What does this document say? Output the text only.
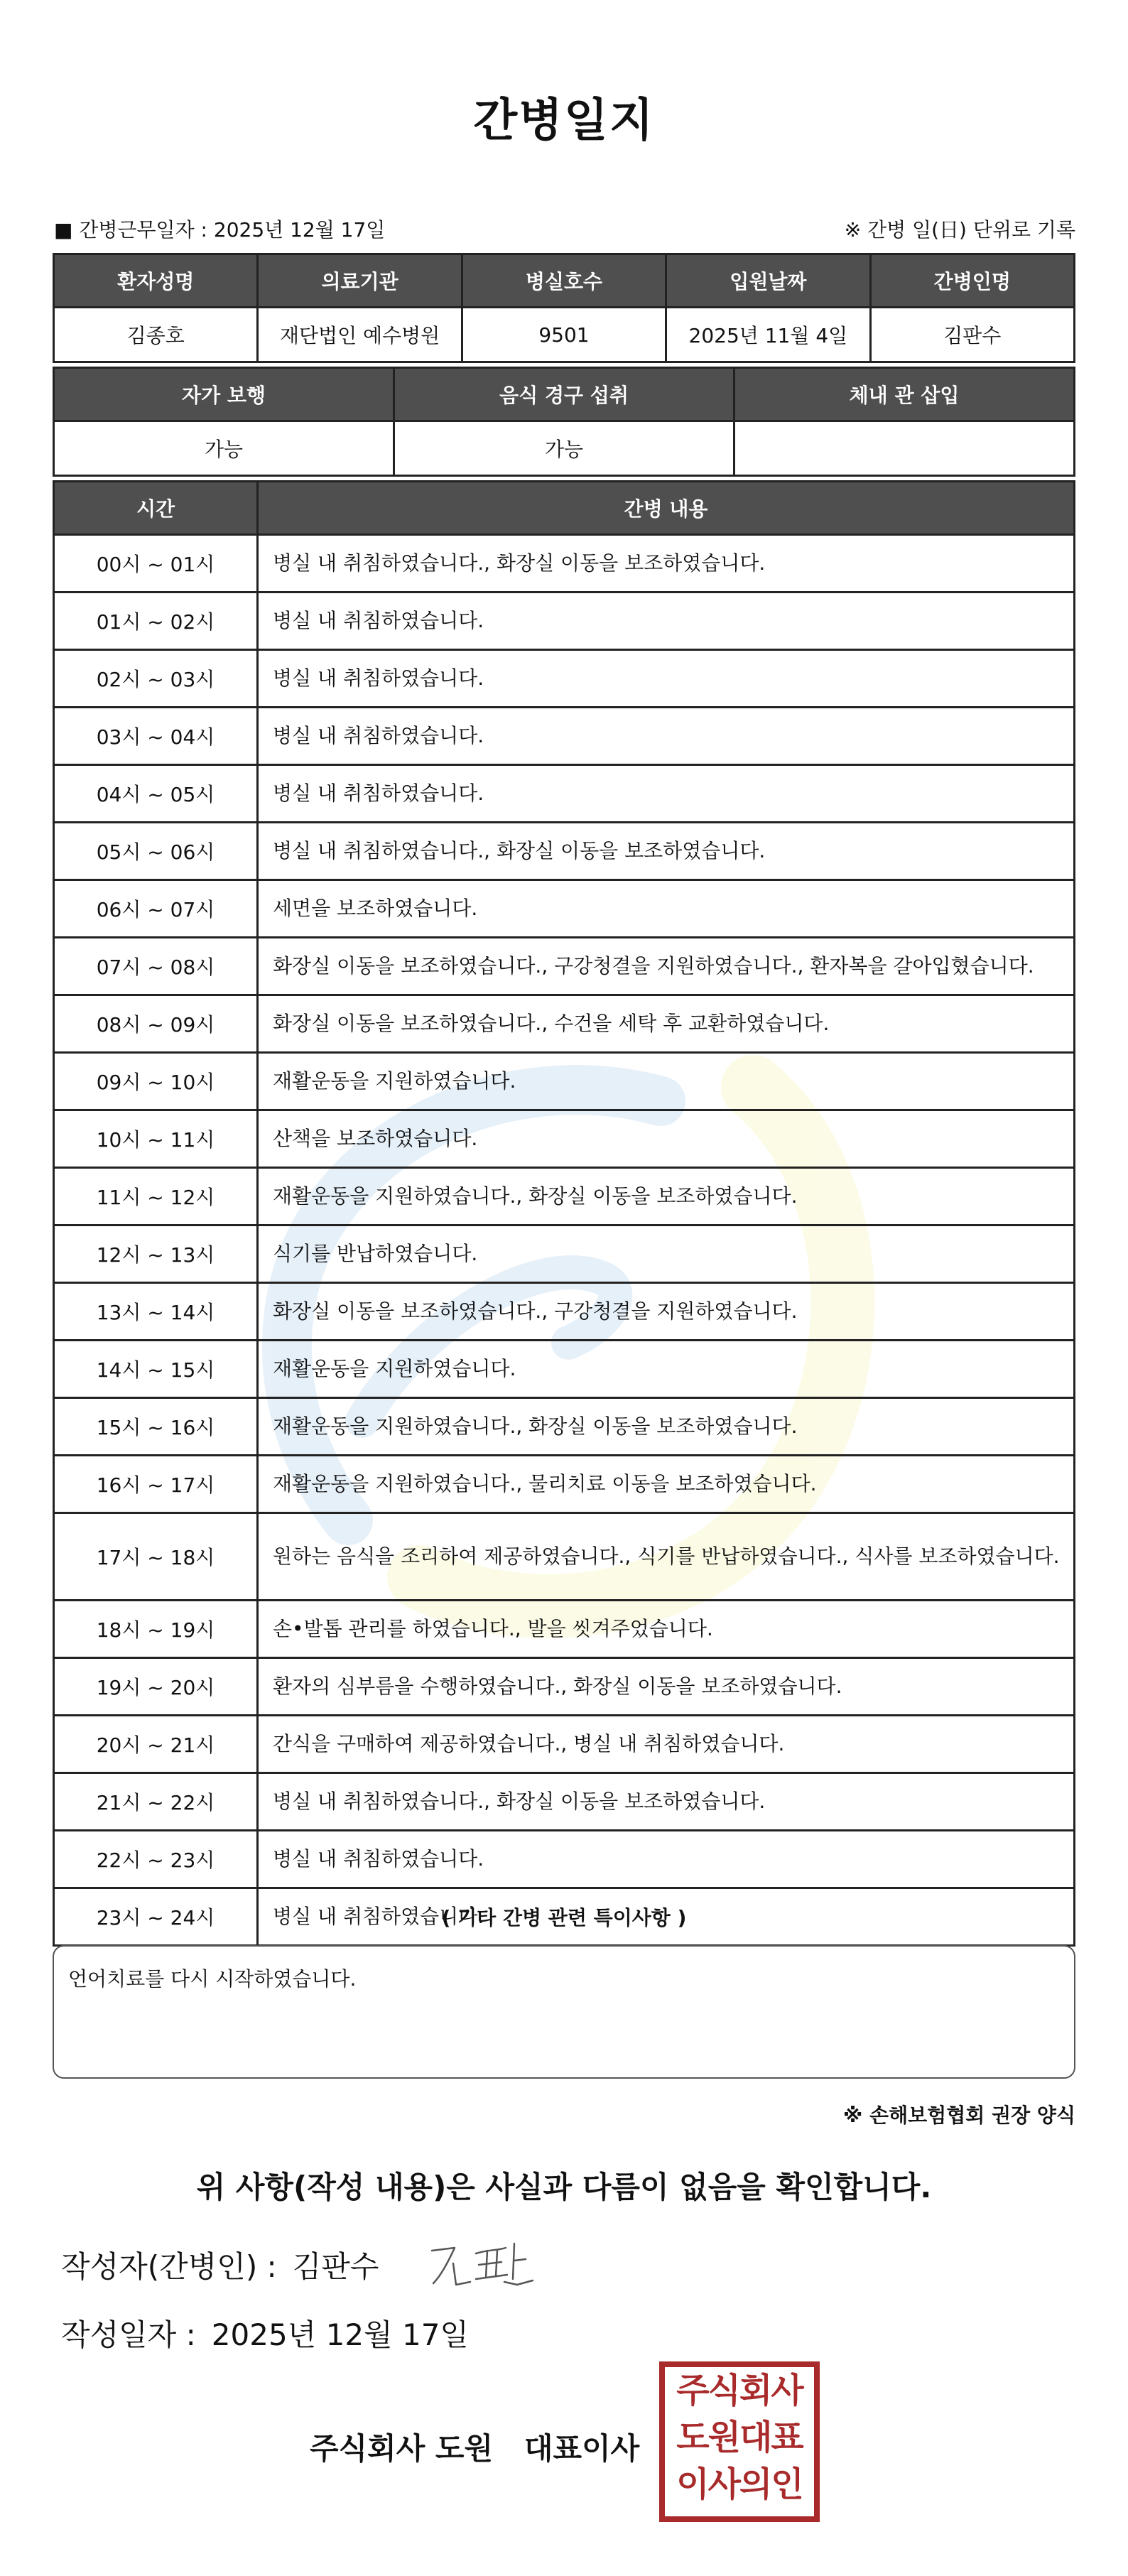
간병일지
■ 간병근무일자 : 2025년 12월 17일	※ 간병 일(日) 단위로 기록
환자성명	의료기관	병실호수	입원날짜	간병인명
김종호	재단법인 예수병원	9501	2025년 11월 4일	김판수
자가 보행	음식 경구 섭취	체내 관 삽입
가능	가능	
시간	간병 내용
00시 ~ 01시	병실 내 취침하였습니다., 화장실 이동을 보조하였습니다.
01시 ~ 02시	병실 내 취침하였습니다.
02시 ~ 03시	병실 내 취침하였습니다.
03시 ~ 04시	병실 내 취침하였습니다.
04시 ~ 05시	병실 내 취침하였습니다.
05시 ~ 06시	병실 내 취침하였습니다., 화장실 이동을 보조하였습니다.
06시 ~ 07시	세면을 보조하였습니다.
07시 ~ 08시	화장실 이동을 보조하였습니다., 구강청결을 지원하였습니다., 환자복을 갈아입혔습니다.
08시 ~ 09시	화장실 이동을 보조하였습니다., 수건을 세탁 후 교환하였습니다.
09시 ~ 10시	재활운동을 지원하였습니다.
10시 ~ 11시	산책을 보조하였습니다.
11시 ~ 12시	재활운동을 지원하였습니다., 화장실 이동을 보조하였습니다.
12시 ~ 13시	식기를 반납하였습니다.
13시 ~ 14시	화장실 이동을 보조하였습니다., 구강청결을 지원하였습니다.
14시 ~ 15시	재활운동을 지원하였습니다.
15시 ~ 16시	재활운동을 지원하였습니다., 화장실 이동을 보조하였습니다.
16시 ~ 17시	재활운동을 지원하였습니다., 물리치료 이동을 보조하였습니다.
17시 ~ 18시	원하는 음식을 조리하여 제공하였습니다., 식기를 반납하였습니다., 식사를 보조하였습니다.
18시 ~ 19시	손•발톱 관리를 하였습니다., 발을 씻겨주었습니다.
19시 ~ 20시	환자의 심부름을 수행하였습니다., 화장실 이동을 보조하였습니다.
20시 ~ 21시	간식을 구매하여 제공하였습니다., 병실 내 취침하였습니다.
21시 ~ 22시	병실 내 취침하였습니다., 화장실 이동을 보조하였습니다.
22시 ~ 23시	병실 내 취침하였습니다.
23시 ~ 24시	병실 내 취침하였습니다.
( 기타 간병 관련 특이사항 )
언어치료를 다시 시작하였습니다.
※ 손해보험협회 권장 양식
위 사항(작성 내용)은 사실과 다름이 없음을 확인합니다.
작성자(간병인) : 김판수
작성일자 : 2025년 12월 17일
주식회사 도원   대표이사
주식회사
도원대표
이사의인
